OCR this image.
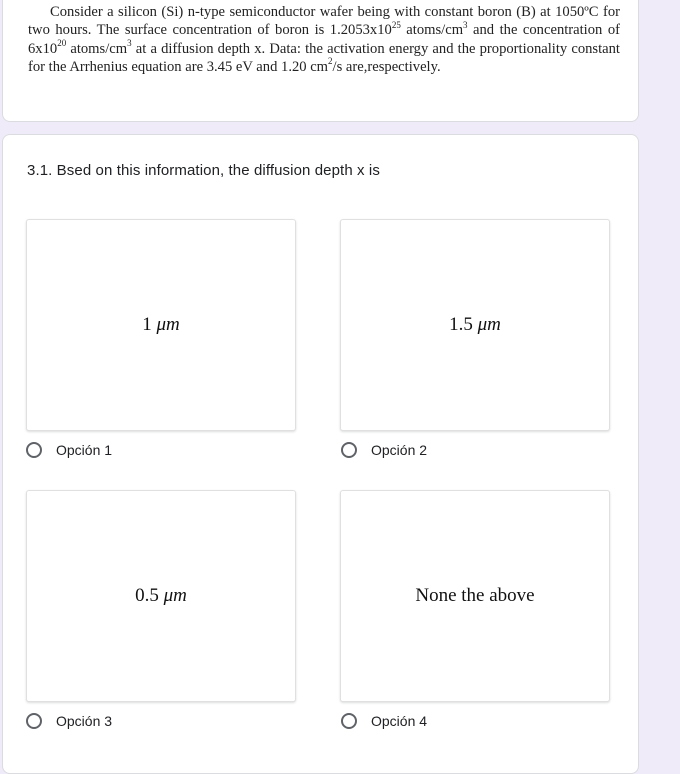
Consider a silicon (Si) n-type semiconductor wafer being with constant boron (B) at 1050ºC for two hours. The surface concentration of boron is $1.2053x10^{25}$ atoms/$cm^3$ and the concentration of $6x10^{20}$ atoms/$cm^3$ at a diffusion depth x. Data: the activation energy and the proportionality constant for the Arrhenius equation are 3.45 eV and 1.20 $cm^2/s$ are,respectively.

3.1. Bsed on this information, the diffusion depth x is
1 μm
Opción 1
1.5 μm
Opción 2
0.5 μm
Opción 3
None the above
Opción 4
